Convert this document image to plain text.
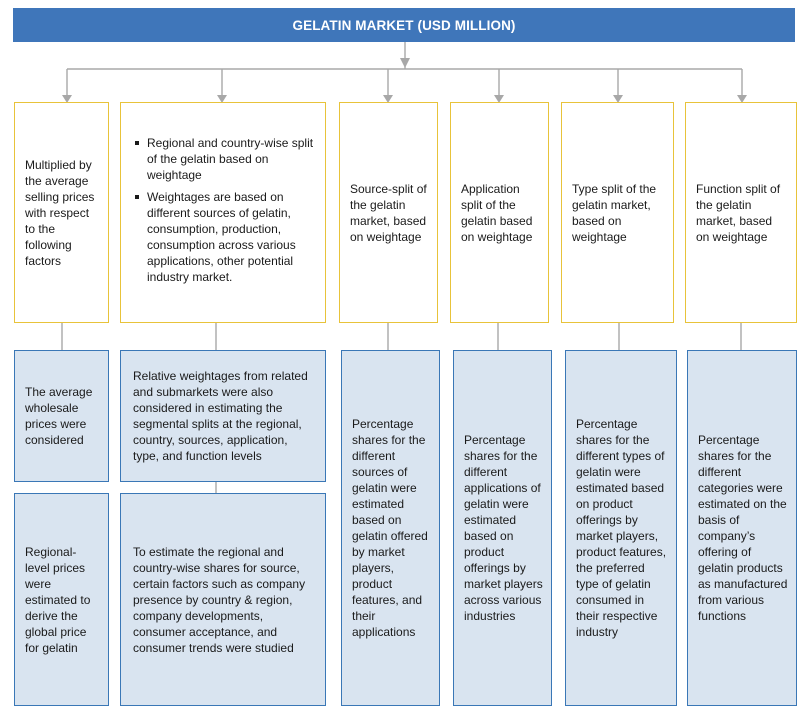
GELATIN MARKET (USD MILLION)
Multiplied by the average selling prices with respect to the following factors
Regional and country-wise split of the gelatin based on weightage
Weightages are based on different sources of gelatin, consumption, production, consumption across various applications, other potential industry market.
Source-split of the gelatin market, based on weightage
Application split of the gelatin based on weightage
Type split of the gelatin market, based on weightage
Function split of the gelatin market, based on weightage
The average wholesale prices were considered
Regional-level prices were estimated to derive the global price for gelatin
Relative weightages from related and submarkets were also considered in estimating the segmental splits at the regional, country, sources, application, type, and function levels
To estimate the regional and country-wise shares for source, certain factors such as company presence by country & region, company developments, consumer acceptance, and consumer trends were studied
Percentage shares for the different sources of gelatin were estimated based on gelatin offered by market players, product features, and their applications
Percentage shares for the different applications of gelatin were estimated based on product offerings by market players across various industries
Percentage shares for the different types of gelatin were estimated based on product offerings by market players, product features, the preferred type of gelatin consumed in their respective industry
Percentage shares for the different categories were estimated on the basis of company’s offering of gelatin products as manufactured from various functions
